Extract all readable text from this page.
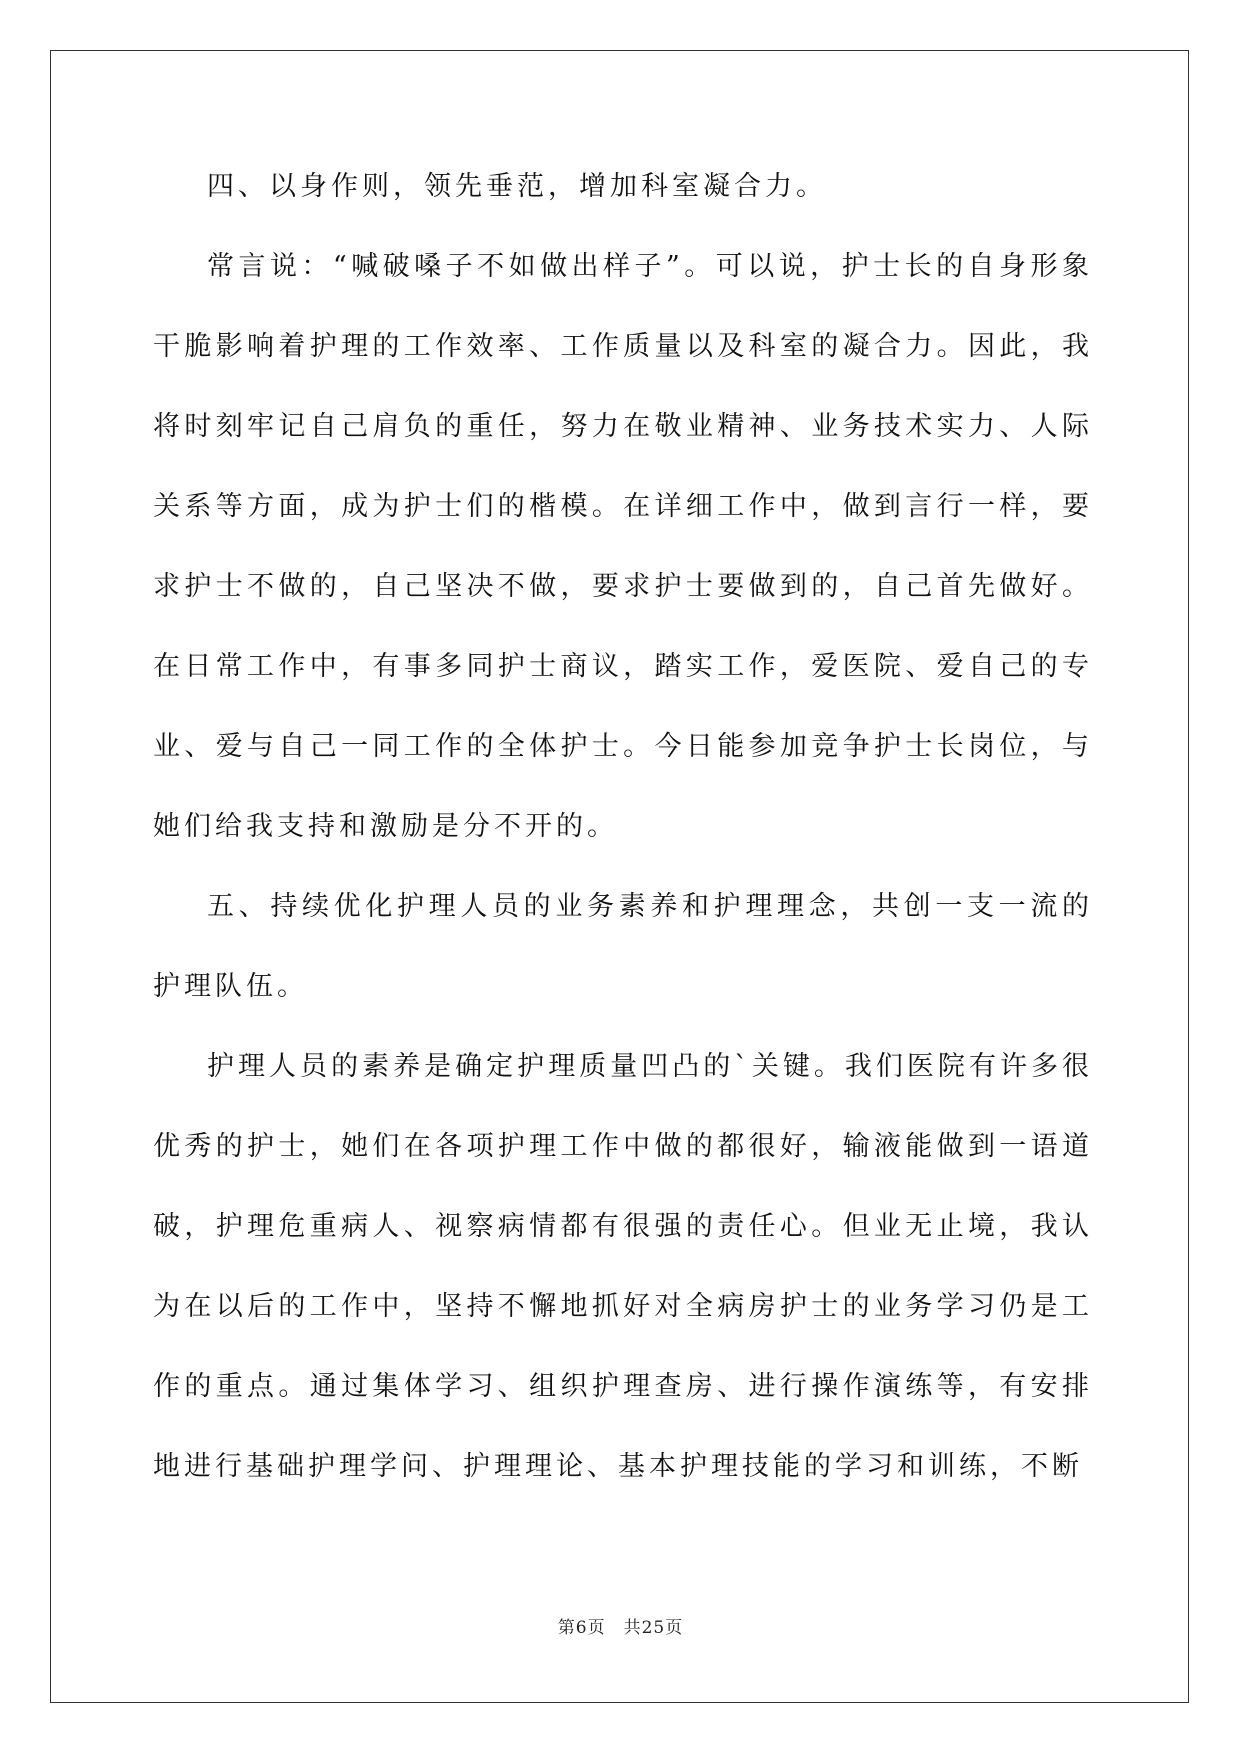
四、以身作则，领先垂范，增加科室凝合力。

常言说：“喊破嗓子不如做出样子”。可以说，护士长的自身形象干脆影响着护理的工作效率、工作质量以及科室的凝合力。因此，我将时刻牢记自己肩负的重任，努力在敬业精神、业务技术实力、人际关系等方面，成为护士们的楷模。在详细工作中，做到言行一样，要求护士不做的，自己坚决不做，要求护士要做到的，自己首先做好。在日常工作中，有事多同护士商议，踏实工作，爱医院、爱自己的专业、爱与自己一同工作的全体护士。今日能参加竞争护士长岗位，与她们给我支持和激励是分不开的。

五、持续优化护理人员的业务素养和护理理念，共创一支一流的护理队伍。

护理人员的素养是确定护理质量凹凸的`关键。我们医院有许多很优秀的护士，她们在各项护理工作中做的都很好，输液能做到一语道破，护理危重病人、视察病情都有很强的责任心。但业无止境，我认为在以后的工作中，坚持不懈地抓好对全病房护士的业务学习仍是工作的重点。通过集体学习、组织护理查房、进行操作演练等，有安排地进行基础护理学问、护理理论、基本护理技能的学习和训练，不断

第6页 共25页
